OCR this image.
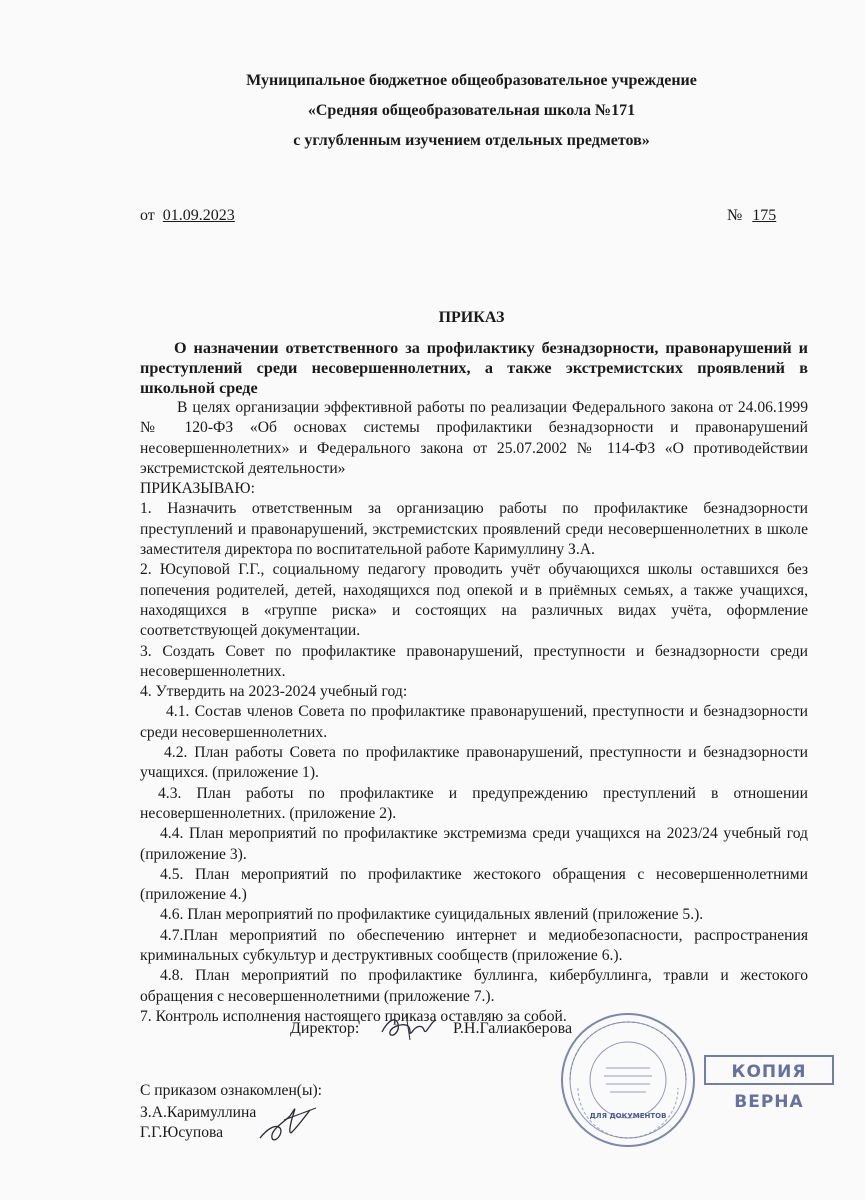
Муниципальное бюджетное общеобразовательное учреждение
«Средняя общеобразовательная школа №171
с углубленным изучением отдельных предметов»
от 01.09.2023	№ 175
ПРИКАЗ
О назначении ответственного за профилактику безнадзорности, правонарушений и преступлений среди несовершеннолетних, а также экстремистских проявлений в школьной среде

В целях организации эффективной работы по реализации Федерального закона от 24.06.1999 № 120-ФЗ «Об основах системы профилактики безнадзорности и правонарушений несовершеннолетних» и Федерального закона от 25.07.2002 № 114-ФЗ «О противодействии экстремистской деятельности»

ПРИКАЗЫВАЮ:

1. Назначить ответственным за организацию работы по профилактике безнадзорности преступлений и правонарушений, экстремистских проявлений среди несовершеннолетних в школе заместителя директора по воспитательной работе Каримуллину З.А.

2. Юсуповой Г.Г., социальному педагогу проводить учёт обучающихся школы оставшихся без попечения родителей, детей, находящихся под опекой и в приёмных семьях, а также учащихся, находящихся в «группе риска» и состоящих на различных видах учёта, оформление соответствующей документации.

3. Создать Совет по профилактике правонарушений, преступности и безнадзорности среди несовершеннолетних.

4. Утвердить на 2023-2024 учебный год:

4.1. Состав членов Совета по профилактике правонарушений, преступности и безнадзорности среди несовершеннолетних.

4.2. План работы Совета по профилактике правонарушений, преступности и безнадзорности учащихся. (приложение 1).

4.3. План работы по профилактике и предупреждению преступлений в отношении несовершеннолетних. (приложение 2).

4.4. План мероприятий по профилактике экстремизма среди учащихся на 2023/24 учебный год (приложение 3).

4.5. План мероприятий по профилактике жестокого обращения с несовершеннолетними (приложение 4.)

4.6. План мероприятий по профилактике суицидальных явлений (приложение 5.).

4.7.План мероприятий по обеспечению интернет и медиобезопасности, распространения криминальных субкультур и деструктивных сообществ (приложение 6.).

4.8. План мероприятий по профилактике буллинга, кибербуллинга, травли и жестокого обращения с несовершеннолетними (приложение 7.).

7. Контроль исполнения настоящего приказа оставляю за собой.

Директор:	Р.Н.Галиакберова
С приказом ознакомлен(ы):
З.А.Каримуллина
Г.Г.Юсупова
ДЛЯ ДОКУМЕНТОВ
КОПИЯ ВЕРНА
